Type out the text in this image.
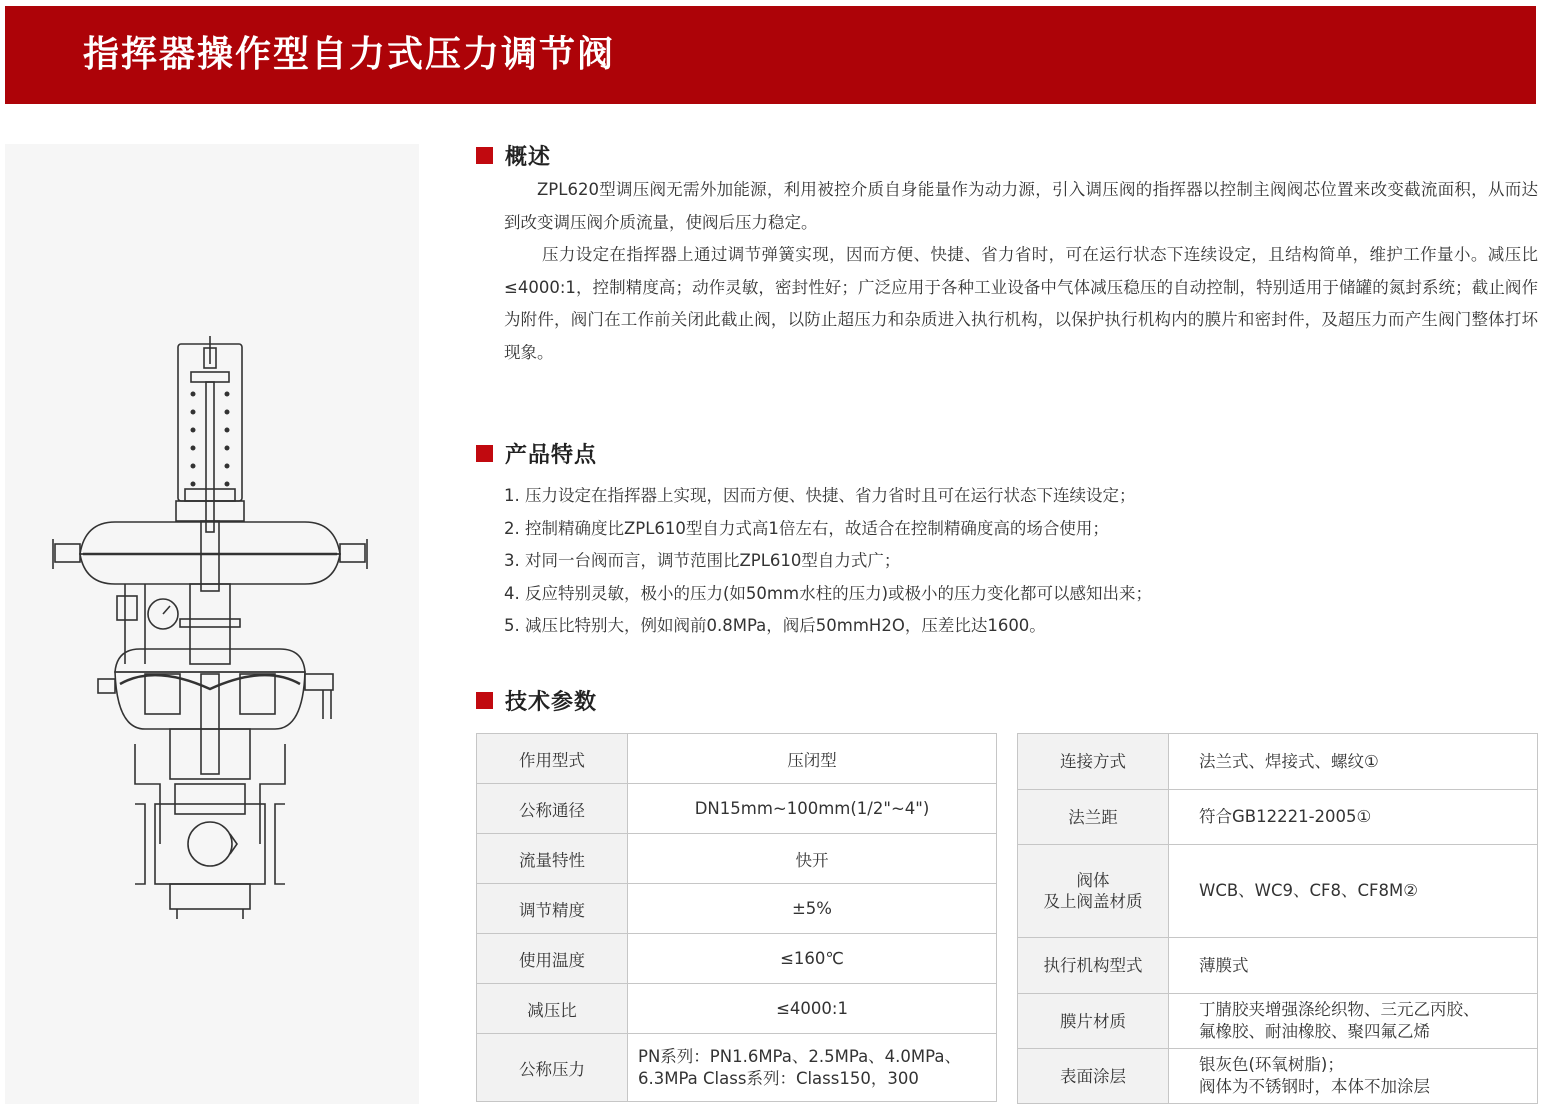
指挥器操作型自力式压力调节阀
概述

ZPL620型调压阀无需外加能源，利用被控介质自身能量作为动力源，引入调压阀的指挥器以控制主阀阀芯位置来改变截流面积，从而达到改变调压阀介质流量，使阀后压力稳定。

压力设定在指挥器上通过调节弹簧实现，因而方便、快捷、省力省时，可在运行状态下连续设定，且结构简单，维护工作量小。减压比≤4000:1，控制精度高；动作灵敏，密封性好；广泛应用于各种工业设备中气体减压稳压的自动控制，特别适用于储罐的氮封系统；截止阀作为附件，阀门在工作前关闭此截止阀，以防止超压力和杂质进入执行机构，以保护执行机构内的膜片和密封件，及超压力而产生阀门整体打坏现象。

产品特点
1. 压力设定在指挥器上实现，因而方便、快捷、省力省时且可在运行状态下连续设定；
2. 控制精确度比ZPL610型自力式高1倍左右，故适合在控制精确度高的场合使用；
3. 对同一台阀而言，调节范围比ZPL610型自力式广；
4. 反应特别灵敏，极小的压力(如50mm水柱的压力)或极小的压力变化都可以感知出来；
5. 减压比特别大，例如阀前0.8MPa，阀后50mmH2O，压差比达1600。
技术参数
作用型式	压闭型
公称通径	DN15mm~100mm(1/2"~4")
流量特性	快开
调节精度	±5%
使用温度	≤160℃
减压比	≤4000:1
公称压力	PN系列：PN1.6MPa、2.5MPa、4.0MPa、
6.3MPa Class系列：Class150，300
连接方式	法兰式、焊接式、螺纹①
法兰距	符合GB12221-2005①

阀体
及上阀盖材质	WCB、WC9、CF8、CF8M②
执行机构型式	薄膜式
膜片材质	丁腈胶夹增强涤纶织物、三元乙丙胶、
氟橡胶、耐油橡胶、聚四氟乙烯

表面涂层	银灰色(环氧树脂)；
阀体为不锈钢时，本体不加涂层
